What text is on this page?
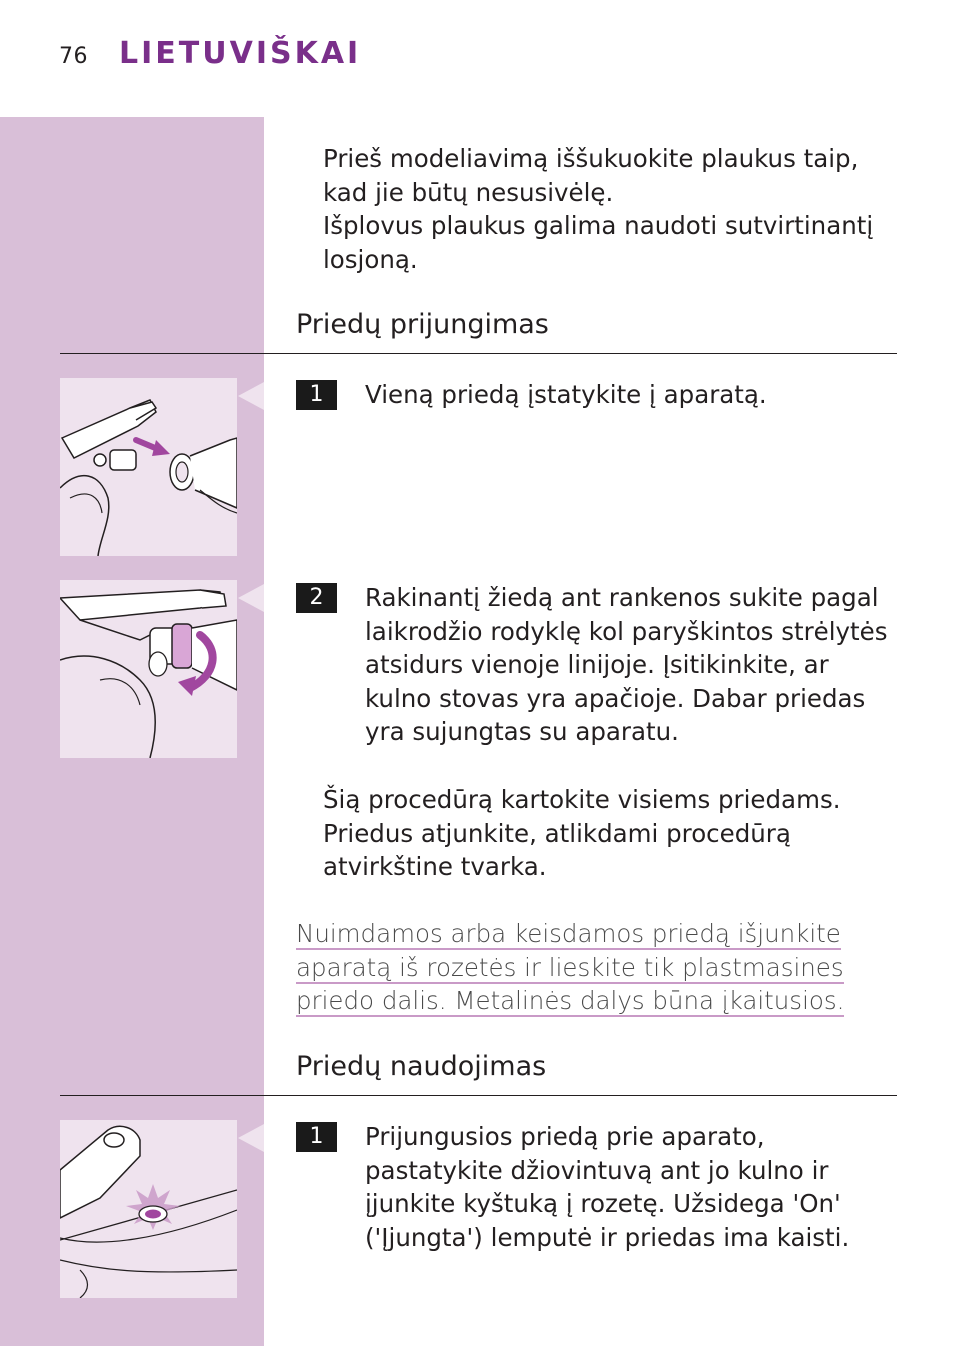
76 LIETUVIŠKAI

Prieš modeliavimą iššukuokite plaukus taip,
kad jie būtų nesusivėlę.
Išplovus plaukus galima naudoti sutvirtinantį
losjoną.

Priedų prijungimas
1	Vieną priedą įstatykite į aparatą.

2	Rakinantį žiedą ant rankenos sukite pagal
laikrodžio rodyklę kol paryškintos strėlytės
atsidurs vienoje linijoje. Įsitikinkite, ar
kulno stovas yra apačioje. Dabar priedas
yra sujungtas su aparatu.

Šią procedūrą kartokite visiems priedams.
Priedus atjunkite, atlikdami procedūrą
atvirkštine tvarka.

Nuimdamos arba keisdamos priedą išjunkite
aparatą iš rozetės ir lieskite tik plastmasines
priedo dalis. Metalinės dalys būna įkaitusios.

Priedų naudojimas
1	Prijungusios priedą prie aparato,
pastatykite džiovintuvą ant jo kulno ir
įjunkite kyštuką į rozetę. Užsidega 'On'
('Įjungta') lemputė ir priedas ima kaisti.
